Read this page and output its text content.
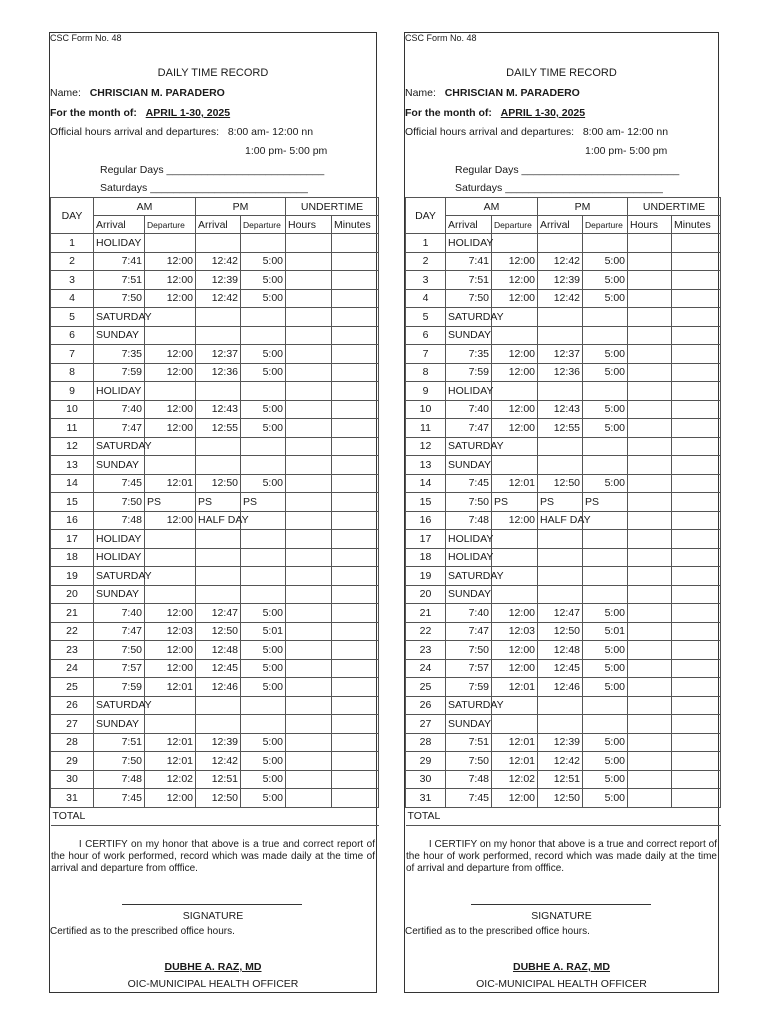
CSC Form No. 48
DAILY TIME RECORD
Name: CHRISCIAN M. PARADERO
For the month of: APRIL 1-30, 2025
Official hours arrival and departures: 8:00 am- 12:00 nn
1:00 pm- 5:00 pm
Regular Days ___________________________
Saturdays ___________________________
DAY	AM		PM		UNDERTIME	
	Arrival	Departure	Arrival	Departure	Hours	Minutes
1	HOLIDAY					
2	7:41	12:00	12:42	5:00		
3	7:51	12:00	12:39	5:00		
4	7:50	12:00	12:42	5:00		
5	SATURDAY					
6	SUNDAY					
7	7:35	12:00	12:37	5:00		
8	7:59	12:00	12:36	5:00		
9	HOLIDAY					
10	7:40	12:00	12:43	5:00		
11	7:47	12:00	12:55	5:00		
12	SATURDAY					
13	SUNDAY					
14	7:45	12:01	12:50	5:00		
15	7:50	PS	PS	PS		
16	7:48	12:00	HALF DAY			
17	HOLIDAY					
18	HOLIDAY					
19	SATURDAY					
20	SUNDAY					
21	7:40	12:00	12:47	5:00		
22	7:47	12:03	12:50	5:01		
23	7:50	12:00	12:48	5:00		
24	7:57	12:00	12:45	5:00		
25	7:59	12:01	12:46	5:00		
26	SATURDAY					
27	SUNDAY					
28	7:51	12:01	12:39	5:00		
29	7:50	12:01	12:42	5:00		
30	7:48	12:02	12:51	5:00		
31	7:45	12:00	12:50	5:00		
TOTAL						
I CERTIFY on my honor that above is a true and correct report of the hour of work performed, record which was made daily at the time of arrival and departure from offfice.
SIGNATURE
Certified as to the prescribed office hours.
DUBHE A. RAZ, MD
OIC-MUNICIPAL HEALTH OFFICER
CSC Form No. 48
DAILY TIME RECORD
Name: CHRISCIAN M. PARADERO
For the month of: APRIL 1-30, 2025
Official hours arrival and departures: 8:00 am- 12:00 nn
1:00 pm- 5:00 pm
Regular Days ___________________________
Saturdays ___________________________
DAY	AM		PM		UNDERTIME	
	Arrival	Departure	Arrival	Departure	Hours	Minutes
1	HOLIDAY					
2	7:41	12:00	12:42	5:00		
3	7:51	12:00	12:39	5:00		
4	7:50	12:00	12:42	5:00		
5	SATURDAY					
6	SUNDAY					
7	7:35	12:00	12:37	5:00		
8	7:59	12:00	12:36	5:00		
9	HOLIDAY					
10	7:40	12:00	12:43	5:00		
11	7:47	12:00	12:55	5:00		
12	SATURDAY					
13	SUNDAY					
14	7:45	12:01	12:50	5:00		
15	7:50	PS	PS	PS		
16	7:48	12:00	HALF DAY			
17	HOLIDAY					
18	HOLIDAY					
19	SATURDAY					
20	SUNDAY					
21	7:40	12:00	12:47	5:00		
22	7:47	12:03	12:50	5:01		
23	7:50	12:00	12:48	5:00		
24	7:57	12:00	12:45	5:00		
25	7:59	12:01	12:46	5:00		
26	SATURDAY					
27	SUNDAY					
28	7:51	12:01	12:39	5:00		
29	7:50	12:01	12:42	5:00		
30	7:48	12:02	12:51	5:00		
31	7:45	12:00	12:50	5:00		
TOTAL						
I CERTIFY on my honor that above is a true and correct report of the hour of work performed, record which was made daily at the time of arrival and departure from offfice.
SIGNATURE
Certified as to the prescribed office hours.
DUBHE A. RAZ, MD
OIC-MUNICIPAL HEALTH OFFICER
